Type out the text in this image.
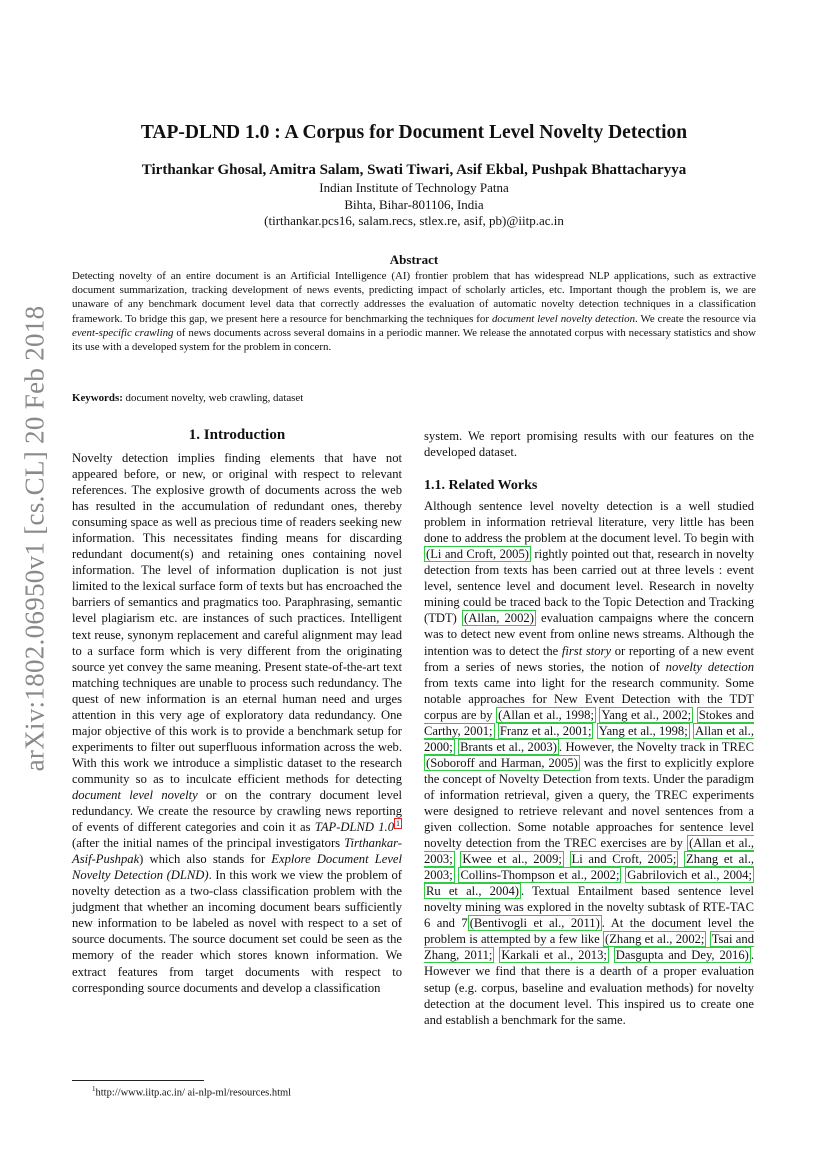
arXiv:1802.06950v1 [cs.CL] 20 Feb 2018
TAP-DLND 1.0 : A Corpus for Document Level Novelty Detection

Tirthankar Ghosal, Amitra Salam, Swati Tiwari, Asif Ekbal, Pushpak Bhattacharyya

Indian Institute of Technology Patna
Bihta, Bihar-801106, India
(tirthankar.pcs16, salam.recs, stlex.re, asif, pb)@iitp.ac.in
Abstract

Detecting novelty of an entire document is an Artificial Intelligence (AI) frontier problem that has widespread NLP applications, such as extractive document summarization, tracking development of news events, predicting impact of scholarly articles, etc. Important though the problem is, we are unaware of any benchmark document level data that correctly addresses the evaluation of automatic novelty detection techniques in a classification framework. To bridge this gap, we present here a resource for benchmarking the techniques for document level novelty detection. We create the resource via event-specific crawling of news documents across several domains in a periodic manner. We release the annotated corpus with necessary statistics and show its use with a developed system for the problem in concern.

Keywords: document novelty, web crawling, dataset

1. Introduction

Novelty detection implies finding elements that have not appeared before, or new, or original with respect to relevant references. The explosive growth of documents across the web has resulted in the accumulation of redundant ones, thereby consuming space as well as precious time of readers seeking new information. This necessitates finding means for discarding redundant document(s) and retaining ones containing novel information. The level of information duplication is not just limited to the lexical surface form of texts but has encroached the barriers of semantics and pragmatics too. Paraphrasing, semantic level plagiarism etc. are instances of such practices. Intelligent text reuse, synonym replacement and careful alignment may lead to a surface form which is very different from the originating source yet convey the same meaning. Present state-of-the-art text matching techniques are unable to process such redundancy. The quest of new information is an eternal human need and urges attention in this very age of exploratory data redundancy. One major objective of this work is to provide a benchmark setup for experiments to filter out superfluous information across the web. With this work we introduce a simplistic dataset to the research community so as to inculcate efficient methods for detecting document level novelty or on the contrary document level redundancy. We create the resource by crawling news reporting of events of different categories and coin it as TAP-DLND 1.0 $^1$ (after the initial names of the principal investigators Tirthankar-Asif-Pushpak) which also stands for Explore Document Level Novelty Detection (DLND). In this work we view the problem of novelty detection as a two-class classification problem with the judgment that whether an incoming document bears sufficiently new information to be labeled as novel with respect to a set of source documents. The source document set could be seen as the memory of the reader which stores known information. We extract features from target documents with respect to corresponding source documents and develop a classification

system. We report promising results with our features on the developed dataset.

1.1. Related Works

Although sentence level novelty detection is a well studied problem in information retrieval literature, very little has been done to address the problem at the document level. To begin with (Li and Croft, 2005) rightly pointed out that, research in novelty detection from texts has been carried out at three levels : event level, sentence level and document level. Research in novelty mining could be traced back to the Topic Detection and Tracking (TDT) (Allan, 2002) evaluation campaigns where the concern was to detect new event from online news streams. Although the intention was to detect the first story or reporting of a new event from a series of news stories, the notion of novelty detection from texts came into light for the research community. Some notable approaches for New Event Detection with the TDT corpus are by (Allan et al., 1998; Yang et al., 2002; Stokes and Carthy, 2001; Franz et al., 2001; Yang et al., 1998; Allan et al., 2000; Brants et al., 2003) . However, the Novelty track in TREC (Soboroff and Harman, 2005) was the first to explicitly explore the concept of Novelty Detection from texts. Under the paradigm of information retrieval, given a query, the TREC experiments were designed to retrieve relevant and novel sentences from a given collection. Some notable approaches for sentence level novelty detection from the TREC exercises are by (Allan et al., 2003; Kwee et al., 2009; Li and Croft, 2005; Zhang et al., 2003; Collins-Thompson et al., 2002; Gabrilovich et al., 2004; Ru et al., 2004) . Textual Entailment based sentence level novelty mining was explored in the novelty subtask of RTE-TAC 6 and 7 (Bentivogli et al., 2011) . At the document level the problem is attempted by a few like (Zhang et al., 2002; Tsai and Zhang, 2011; Karkali et al., 2013; Dasgupta and Dey, 2016) . However we find that there is a dearth of a proper evaluation setup (e.g. corpus, baseline and evaluation methods) for novelty detection at the document level. This inspired us to create one and establish a benchmark for the same.

$^1$http://www.iitp.ac.in/ ai-nlp-ml/resources.html
